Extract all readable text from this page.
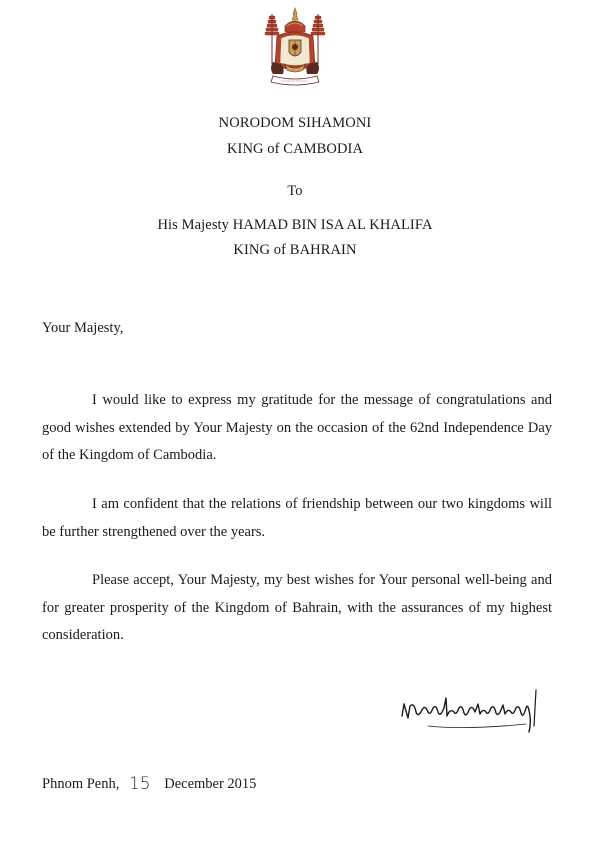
NORODOM SIHAMONI
KING of CAMBODIA
To
His Majesty HAMAD BIN ISA AL KHALIFA
KING of BAHRAIN
Your Majesty,
I would like to express my gratitude for the message of congratulations and good wishes extended by Your Majesty on the occasion of the 62nd Independence Day of the Kingdom of Cambodia.
I am confident that the relations of friendship between our two kingdoms will be further strengthened over the years.
Please accept, Your Majesty, my best wishes for Your personal well-being and for greater prosperity of the Kingdom of Bahrain, with the assurances of my highest consideration.
Phnom Penh, 15 December 2015
